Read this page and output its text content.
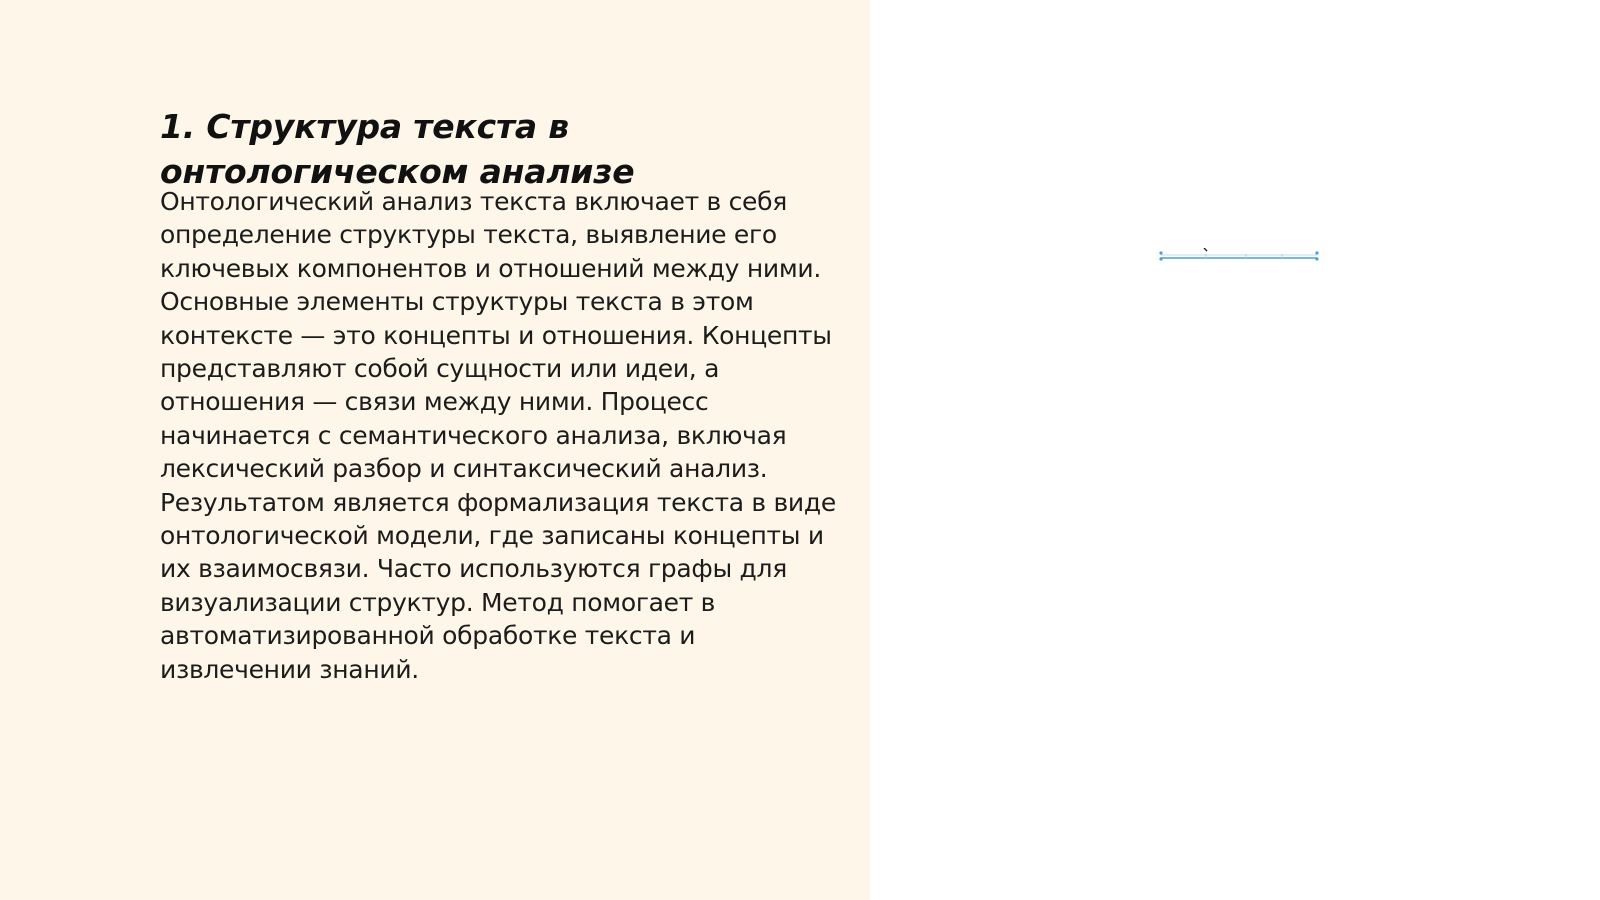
1. Структура текста в онтологическом анализе

Онтологический анализ текста включает в себя определение структуры текста, выявление его ключевых компонентов и отношений между ними. Основные элементы структуры текста в этом контексте — это концепты и отношения. Концепты представляют собой сущности или идеи, а отношения — связи между ними. Процесс начинается с семантического анализа, включая лексический разбор и синтаксический анализ. Результатом является формализация текста в виде онтологической модели, где записаны концепты и их взаимосвязи. Часто используются графы для визуализации структур. Метод помогает в автоматизированной обработке текста и извлечении знаний.
